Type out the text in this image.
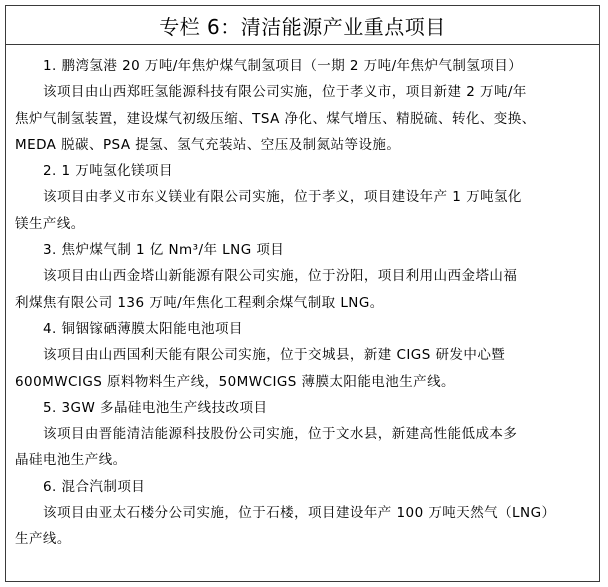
专栏 6：清洁能源产业重点项目
1. 鹏湾氢港 20 万吨/年焦炉煤气制氢项目（一期 2 万吨/年焦炉气制氢项目）
该项目由山西郑旺氢能源科技有限公司实施，位于孝义市，项目新建 2 万吨/年
焦炉气制氢装置，建设煤气初级压缩、TSA 净化、煤气增压、精脱硫、转化、变换、
MEDA 脱碳、PSA 提氢、氢气充装站、空压及制氮站等设施。
2. 1 万吨氢化镁项目
该项目由孝义市东义镁业有限公司实施，位于孝义，项目建设年产 1 万吨氢化
镁生产线。
3. 焦炉煤气制 1 亿 Nm³/年 LNG 项目
该项目由山西金塔山新能源有限公司实施，位于汾阳，项目利用山西金塔山福
利煤焦有限公司 136 万吨/年焦化工程剩余煤气制取 LNG。
4. 铜铟镓硒薄膜太阳能电池项目
该项目由山西国利天能有限公司实施，位于交城县，新建 CIGS 研发中心暨
600MWCIGS 原料物料生产线，50MWCIGS 薄膜太阳能电池生产线。
5. 3GW 多晶硅电池生产线技改项目
该项目由晋能清洁能源科技股份公司实施，位于文水县，新建高性能低成本多
晶硅电池生产线。
6. 混合汽制项目
该项目由亚太石楼分公司实施，位于石楼，项目建设年产 100 万吨天然气（LNG）
生产线。
